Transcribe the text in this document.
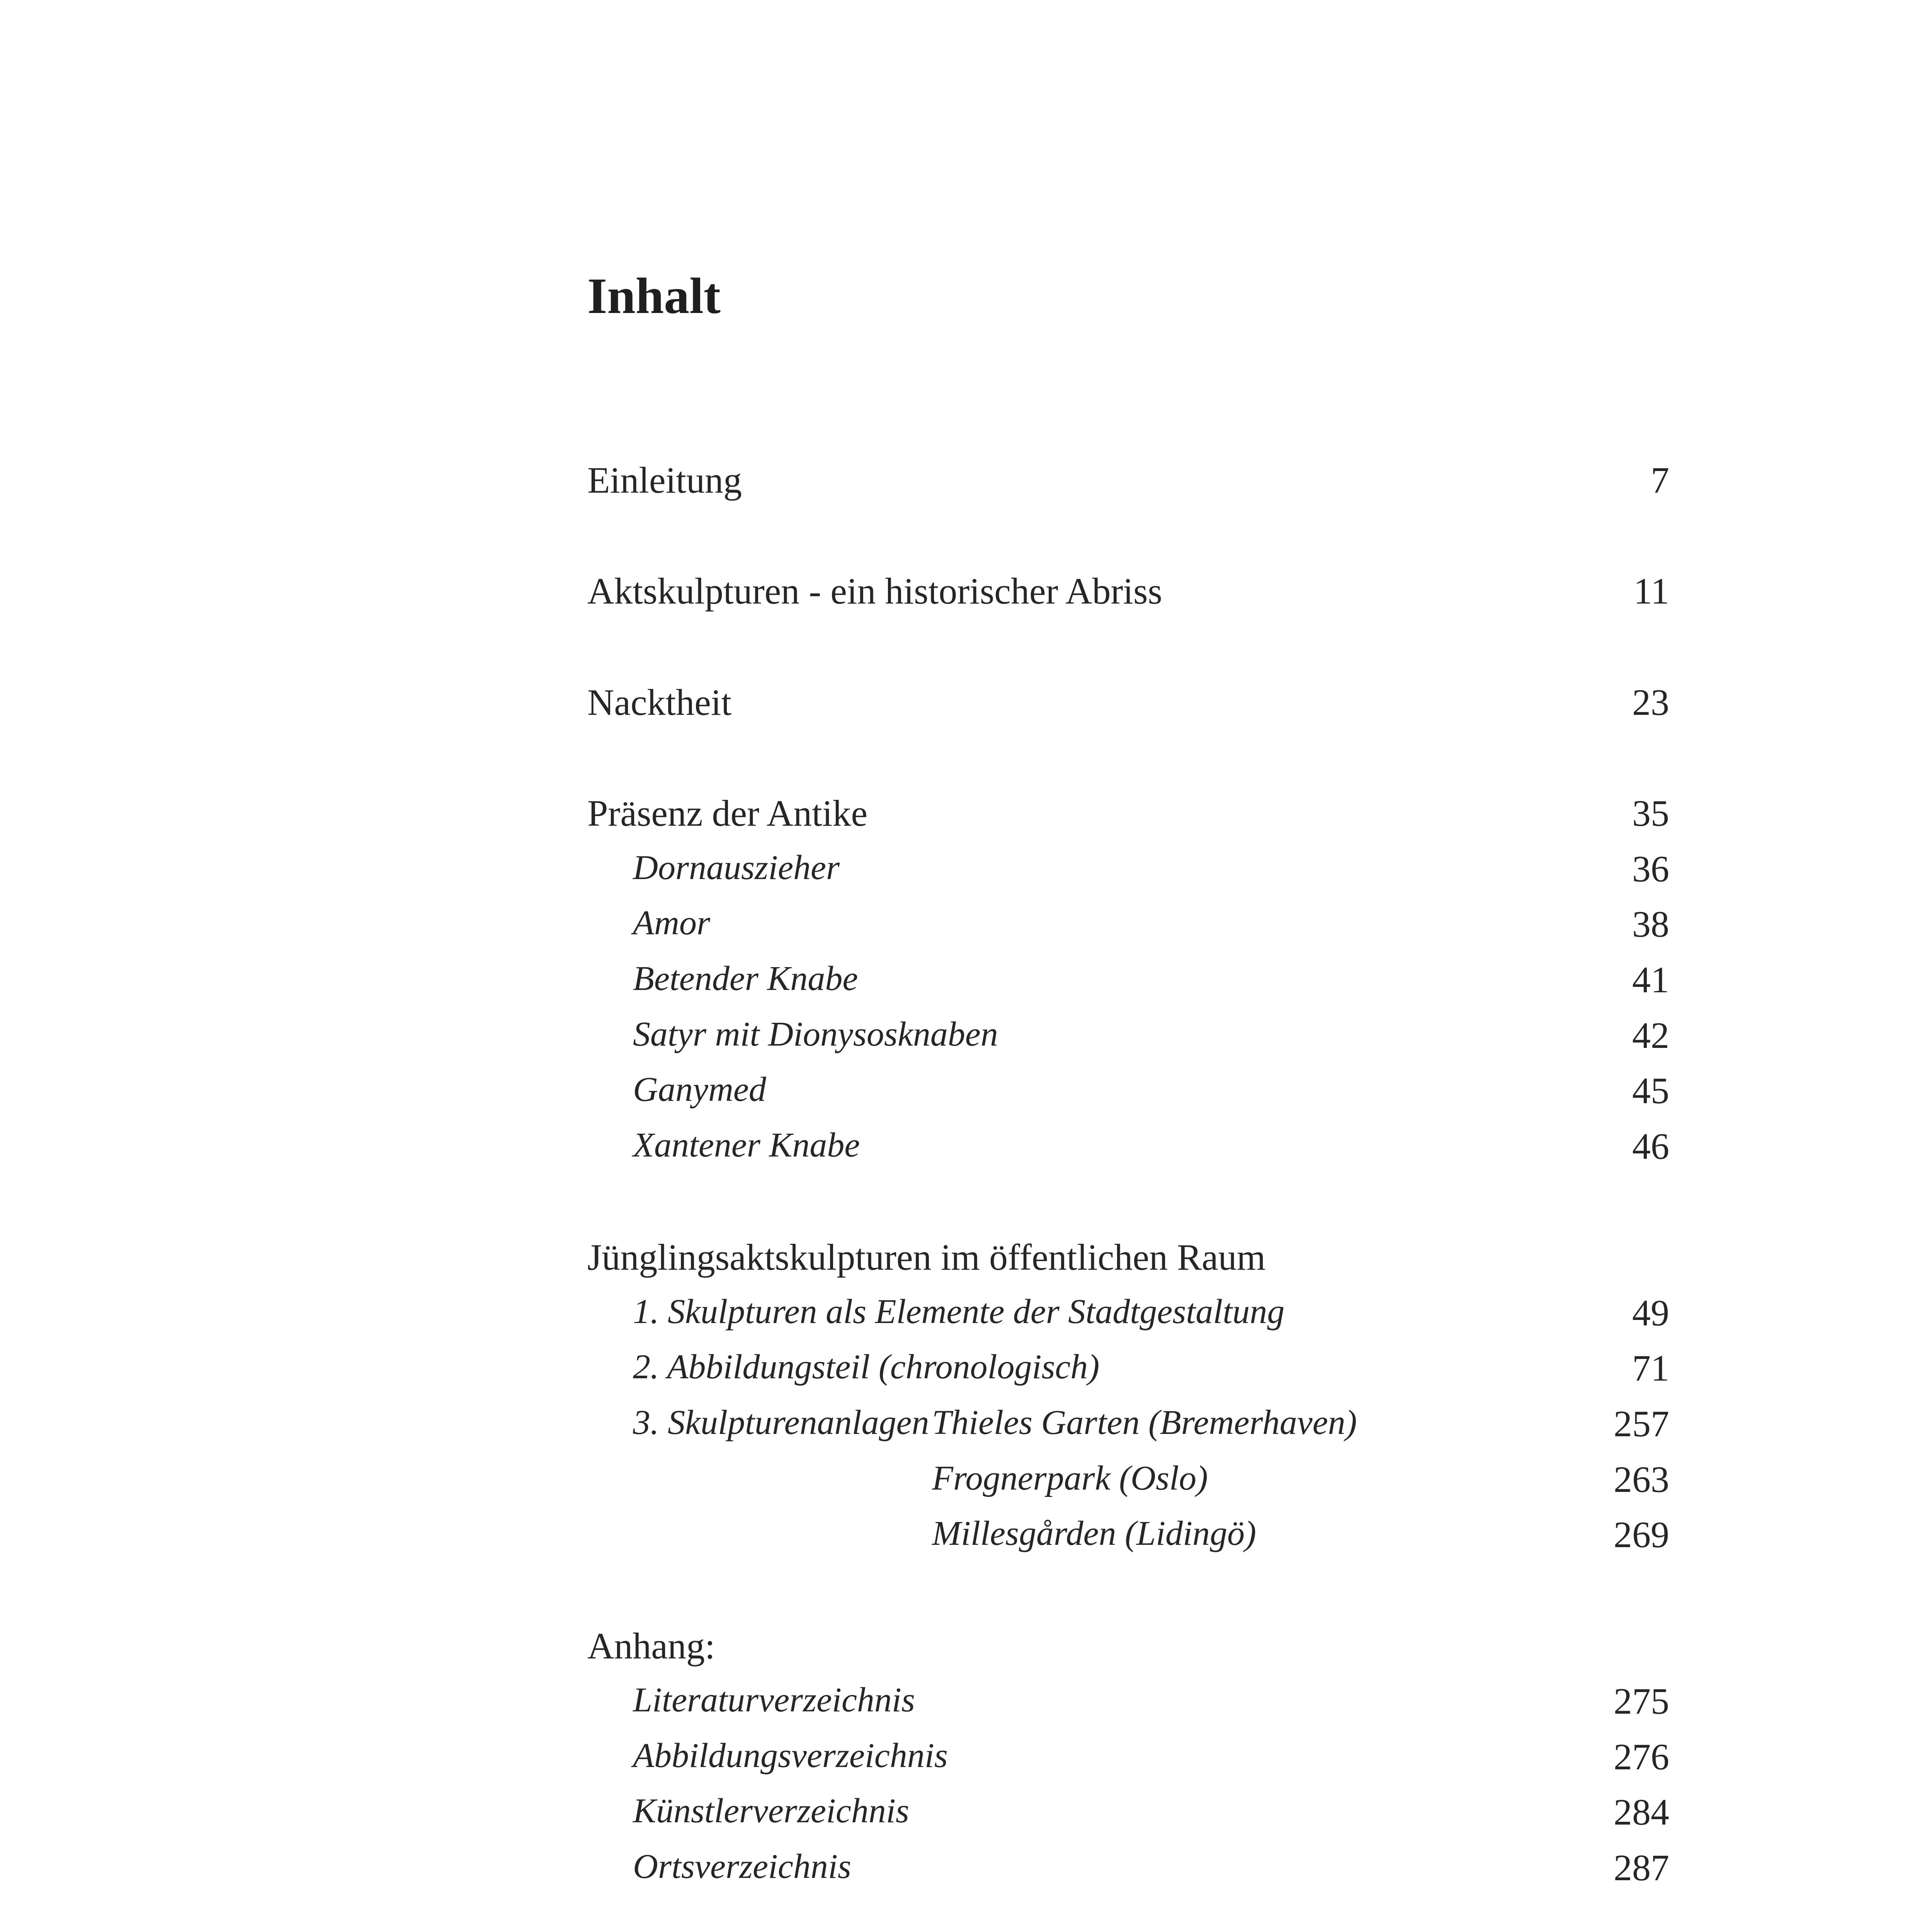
Inhalt
Einleitung	7
Aktskulpturen - ein historischer Abriss	11
Nacktheit	23
Präsenz der Antike	35
Dornauszieher	36
Amor	38
Betender Knabe	41
Satyr mit Dionysosknaben	42
Ganymed	45
Xantener Knabe	46
Jünglingsaktskulpturen im öffentlichen Raum
1. Skulpturen als Elemente der Stadtgestaltung	49
2. Abbildungsteil (chronologisch)	71
3. Skulpturenanlagen Thieles Garten (Bremerhaven)	257
Frognerpark (Oslo)	263
Millesgården (Lidingö)	269
Anhang:
Literaturverzeichnis	275
Abbildungsverzeichnis	276
Künstlerverzeichnis	284
Ortsverzeichnis	287
